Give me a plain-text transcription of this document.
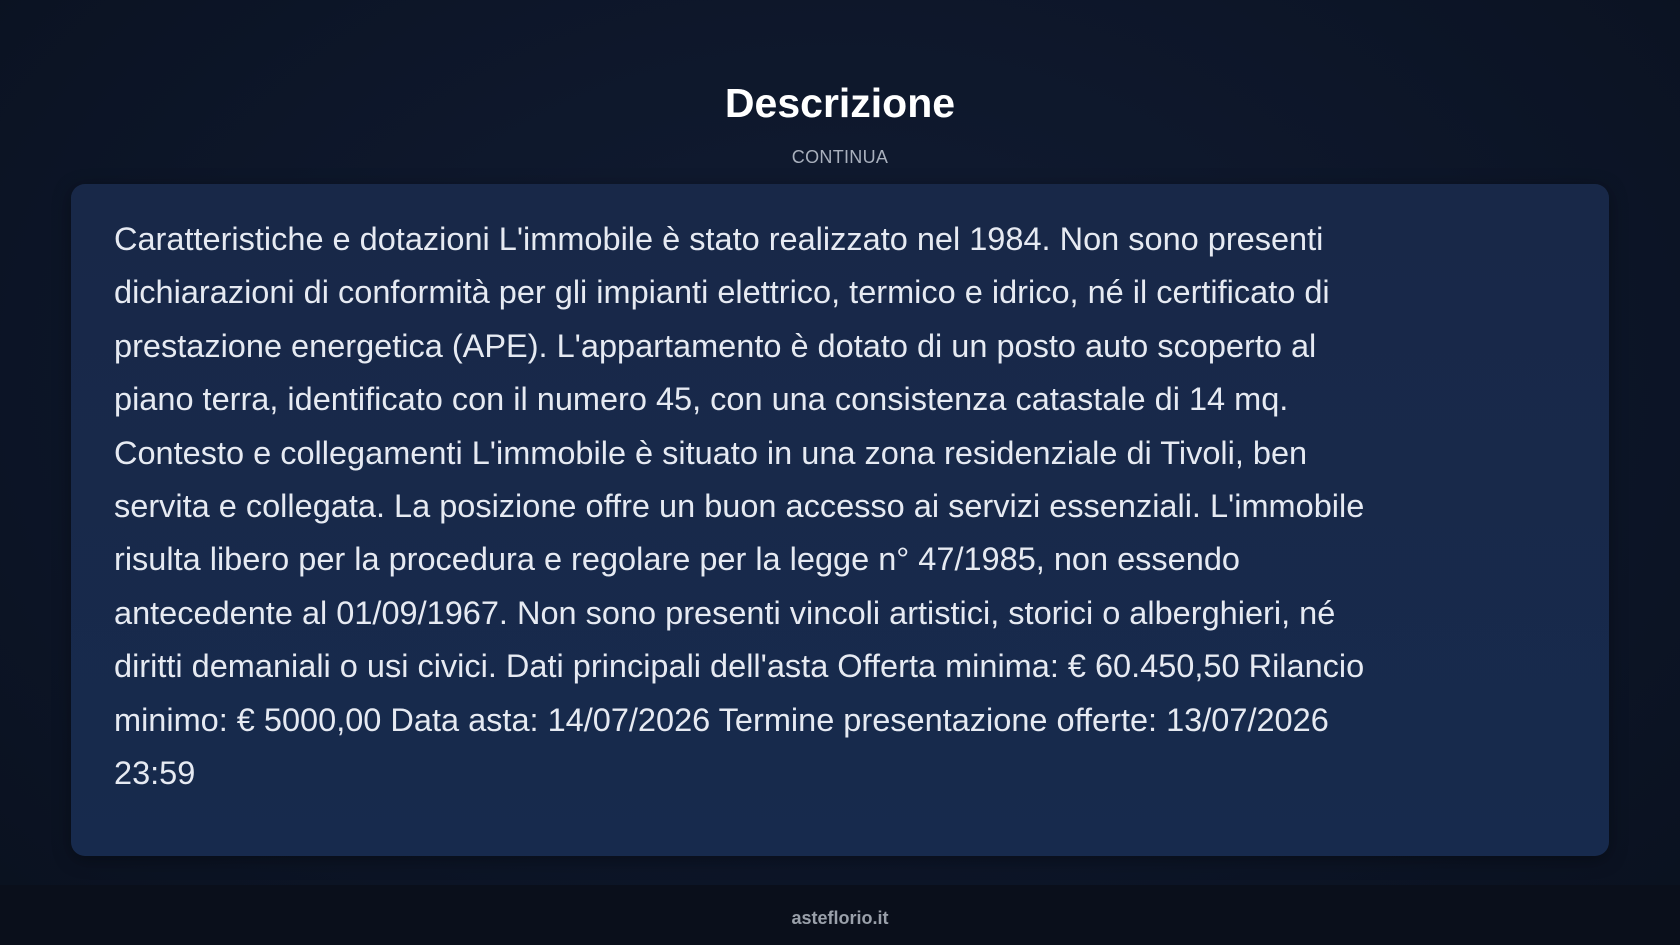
Descrizione
CONTINUA
Caratteristiche e dotazioni L'immobile è stato realizzato nel 1984. Non sono presenti
dichiarazioni di conformità per gli impianti elettrico, termico e idrico, né il certificato di
prestazione energetica (APE). L'appartamento è dotato di un posto auto scoperto al
piano terra, identificato con il numero 45, con una consistenza catastale di 14 mq.
Contesto e collegamenti L'immobile è situato in una zona residenziale di Tivoli, ben
servita e collegata. La posizione offre un buon accesso ai servizi essenziali. L'immobile
risulta libero per la procedura e regolare per la legge n° 47/1985, non essendo
antecedente al 01/09/1967. Non sono presenti vincoli artistici, storici o alberghieri, né
diritti demaniali o usi civici. Dati principali dell'asta Offerta minima: € 60.450,50 Rilancio
minimo: € 5000,00 Data asta: 14/07/2026 Termine presentazione offerte: 13/07/2026
23:59
asteflorio.it
